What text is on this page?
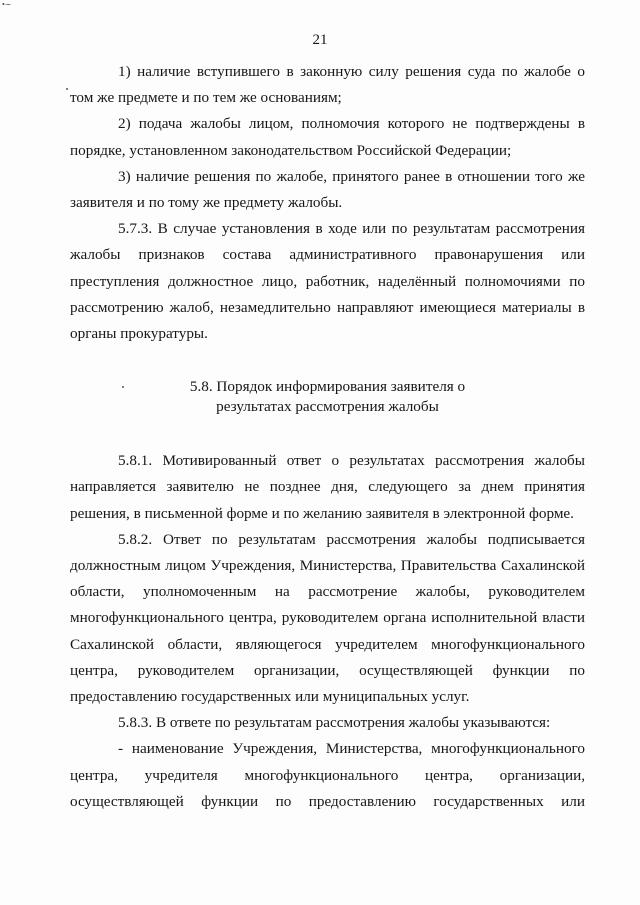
•∼
21

1) наличие вступившего в законную силу решения суда по жалобе о том же предмете и по тем же основаниям;

2) подача жалобы лицом, полномочия которого не подтверждены в порядке, установленном законодательством Российской Федерации;

3) наличие решения по жалобе, принятого ранее в отношении того же заявителя и по тому же предмету жалобы.

5.7.3. В случае установления в ходе или по результатам рассмотрения жалобы признаков состава административного правонарушения или преступления должностное лицо, работник, наделённый полномочиями по рассмотрению жалоб, незамедлительно направляют имеющиеся материалы в органы прокуратуры.

5.8. Порядок информирования заявителя о
результатах рассмотрения жалобы

5.8.1. Мотивированный ответ о результатах рассмотрения жалобы направляется заявителю не позднее дня, следующего за днем принятия решения, в письменной форме и по желанию заявителя в электронной форме.

5.8.2. Ответ по результатам рассмотрения жалобы подписывается должностным лицом Учреждения, Министерства, Правительства Сахалинской области, уполномоченным на рассмотрение жалобы, руководителем многофункционального центра, руководителем органа исполнительной власти Сахалинской области, являющегося учредителем многофункционального центра, руководителем организации, осуществляющей функции по предоставлению государственных или муниципальных услуг.

5.8.3. В ответе по результатам рассмотрения жалобы указываются:

- наименование Учреждения, Министерства, многофункционального центра, учредителя многофункционального центра, организации, осуществляющей функции по предоставлению государственных или
